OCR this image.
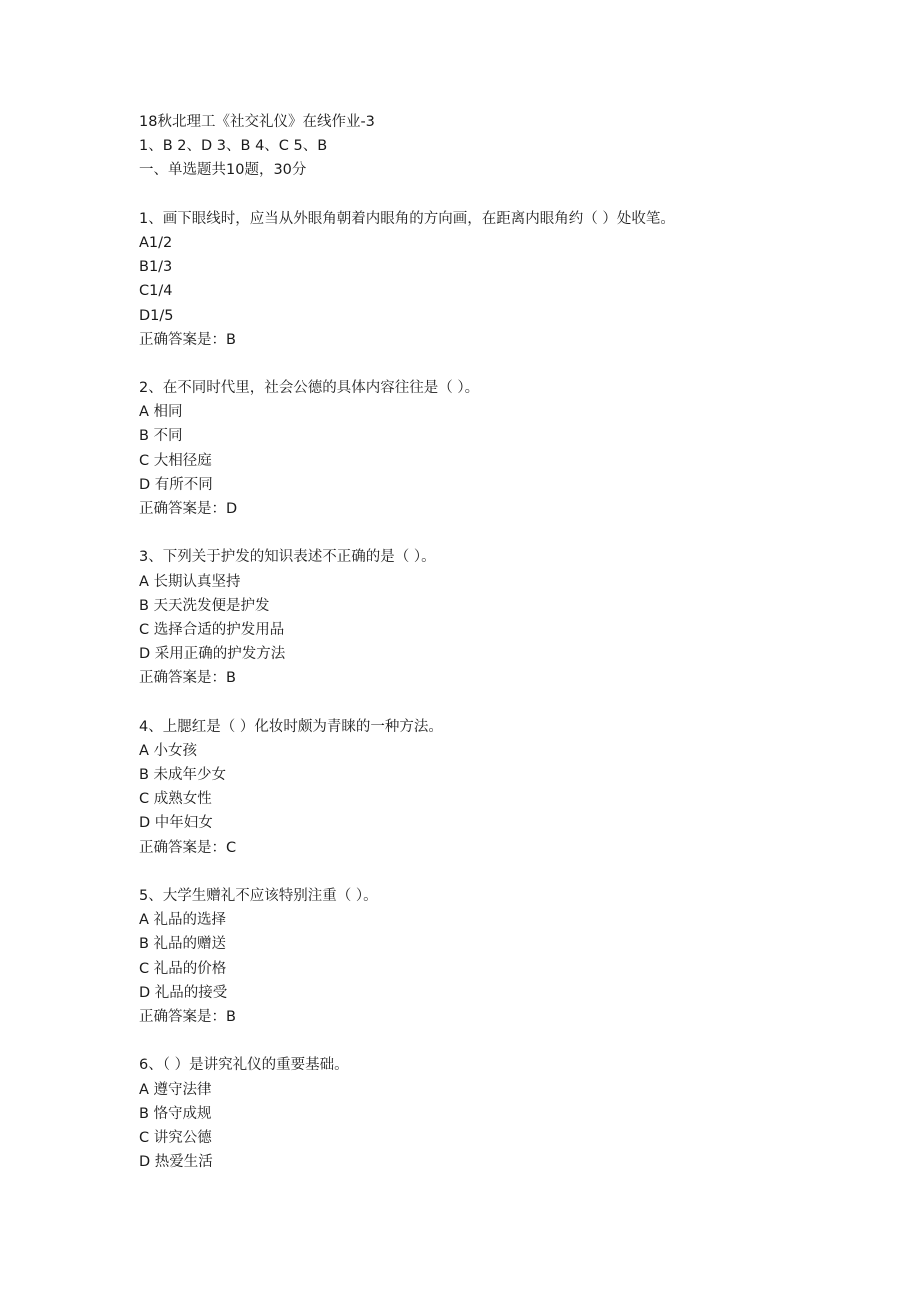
18秋北理工《社交礼仪》在线作业-3
1、B 2、D 3、B 4、C 5、B
一、单选题共10题，30分
1、画下眼线时，应当从外眼角朝着内眼角的方向画，在距离内眼角约（ ）处收笔。
A1/2
B1/3
C1/4
D1/5
正确答案是：B
2、在不同时代里，社会公德的具体内容往往是（ ）。
A 相同
B 不同
C 大相径庭
D 有所不同
正确答案是：D
3、下列关于护发的知识表述不正确的是（ ）。
A 长期认真坚持
B 天天洗发便是护发
C 选择合适的护发用品
D 采用正确的护发方法
正确答案是：B
4、上腮红是（ ）化妆时颇为青睐的一种方法。
A 小女孩
B 未成年少女
C 成熟女性
D 中年妇女
正确答案是：C
5、大学生赠礼不应该特别注重（ ）。
A 礼品的选择
B 礼品的赠送
C 礼品的价格
D 礼品的接受
正确答案是：B
6、（ ）是讲究礼仪的重要基础。
A 遵守法律
B 恪守成规
C 讲究公德
D 热爱生活
